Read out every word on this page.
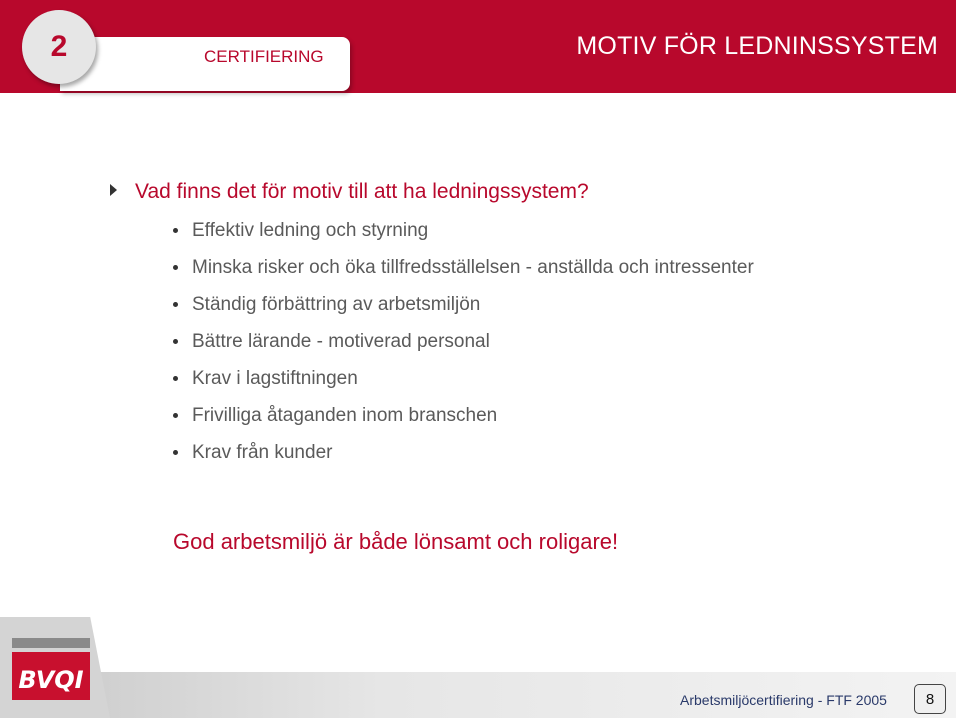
2	CERTIFIERING	MOTIV FÖR LEDNINSSYSTEM
Vad finns det för motiv till att ha ledningssystem?
Effektiv ledning och styrning
Minska risker och öka tillfredsställelsen - anställda och intressenter
Ständig förbättring av arbetsmiljön
Bättre lärande - motiverad personal
Krav i lagstiftningen
Frivilliga åtaganden inom branschen
Krav från kunder
God arbetsmiljö är både lönsamt och roligare!
BVQI
Arbetsmiljöcertifiering - FTF 2005	8
